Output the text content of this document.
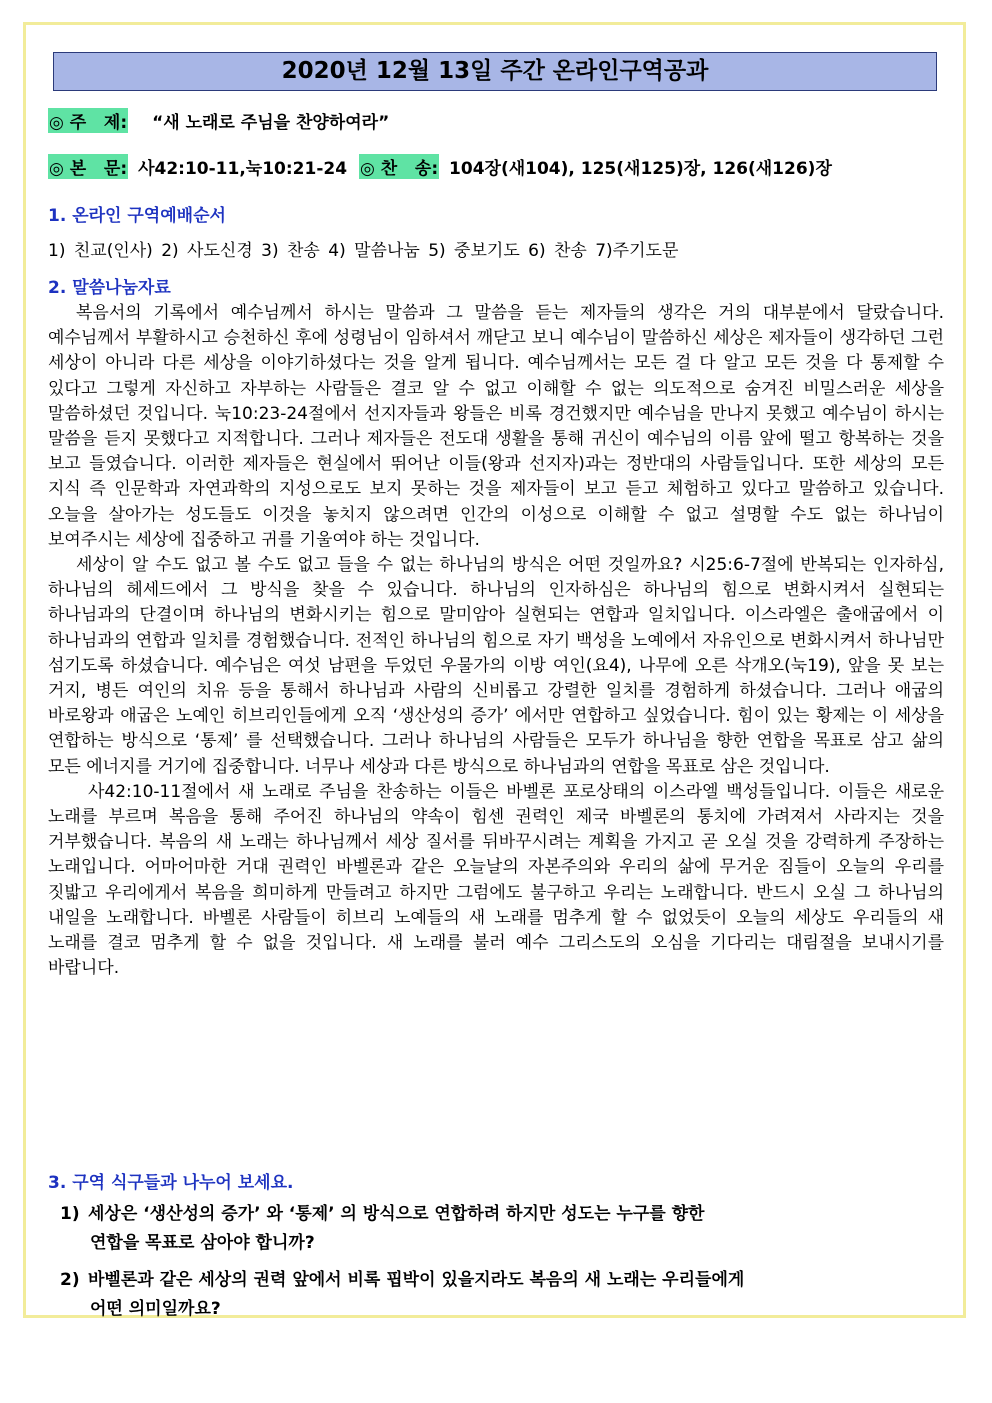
2020년 12월 13일 주간 온라인구역공과
◎ 주   제: “새 노래로 주님을 찬양하여라”
◎ 본   문: 사42:10-11,눅10:21-24 ◎ 찬   송: 104장(새104), 125(새125)장, 126(새126)장
1. 온라인 구역예배순서
1) 친교(인사) 2) 사도신경 3) 찬송 4) 말씀나눔 5) 중보기도 6) 찬송 7)주기도문
2. 말씀나눔자료

복음서의 기록에서 예수님께서 하시는 말씀과 그 말씀을 듣는 제자들의 생각은 거의 대부분에서 달랐습니다. 예수님께서 부활하시고 승천하신 후에 성령님이 임하셔서 깨닫고 보니 예수님이 말씀하신 세상은 제자들이 생각하던 그런 세상이 아니라 다른 세상을 이야기하셨다는 것을 알게 됩니다. 예수님께서는 모든 걸 다 알고 모든 것을 다 통제할 수 있다고 그렇게 자신하고 자부하는 사람들은 결코 알 수 없고 이해할 수 없는 의도적으로 숨겨진 비밀스러운 세상을 말씀하셨던 것입니다. 눅10:23-24절에서 선지자들과 왕들은 비록 경건했지만 예수님을 만나지 못했고 예수님이 하시는 말씀을 듣지 못했다고 지적합니다. 그러나 제자들은 전도대 생활을 통해 귀신이 예수님의 이름 앞에 떨고 항복하는 것을 보고 들였습니다. 이러한 제자들은 현실에서 뛰어난 이들(왕과 선지자)과는 정반대의 사람들입니다. 또한 세상의 모든 지식 즉 인문학과 자연과학의 지성으로도 보지 못하는 것을 제자들이 보고 듣고 체험하고 있다고 말씀하고 있습니다. 오늘을 살아가는 성도들도 이것을 놓치지 않으려면 인간의 이성으로 이해할 수 없고 설명할 수도 없는 하나님이 보여주시는 세상에 집중하고 귀를 기울여야 하는 것입니다.

세상이 알 수도 없고 볼 수도 없고 들을 수 없는 하나님의 방식은 어떤 것일까요? 시25:6-7절에 반복되는 인자하심, 하나님의 헤세드에서 그 방식을 찾을 수 있습니다. 하나님의 인자하심은 하나님의 힘으로 변화시켜서 실현되는 하나님과의 단결이며 하나님의 변화시키는 힘으로 말미암아 실현되는 연합과 일치입니다. 이스라엘은 출애굽에서 이 하나님과의 연합과 일치를 경험했습니다. 전적인 하나님의 힘으로 자기 백성을 노예에서 자유인으로 변화시켜서 하나님만 섬기도록 하셨습니다. 예수님은 여섯 남편을 두었던 우물가의 이방 여인(요4), 나무에 오른 삭개오(눅19), 앞을 못 보는 거지, 병든 여인의 치유 등을 통해서 하나님과 사람의 신비롭고 강렬한 일치를 경험하게 하셨습니다. 그러나 애굽의 바로왕과 애굽은 노예인 히브리인들에게 오직 ‘생산성의 증가’ 에서만 연합하고 싶었습니다. 힘이 있는 황제는 이 세상을 연합하는 방식으로 ‘통제’ 를 선택했습니다. 그러나 하나님의 사람들은 모두가 하나님을 향한 연합을 목표로 삼고 삶의 모든 에너지를 거기에 집중합니다. 너무나 세상과 다른 방식으로 하나님과의 연합을 목표로 삼은 것입니다.

사42:10-11절에서 새 노래로 주님을 찬송하는 이들은 바벨론 포로상태의 이스라엘 백성들입니다. 이들은 새로운 노래를 부르며 복음을 통해 주어진 하나님의 약속이 힘센 권력인 제국 바벨론의 통치에 가려져서 사라지는 것을 거부했습니다. 복음의 새 노래는 하나님께서 세상 질서를 뒤바꾸시려는 계획을 가지고 곧 오실 것을 강력하게 주장하는 노래입니다. 어마어마한 거대 권력인 바벨론과 같은 오늘날의 자본주의와 우리의 삶에 무거운 짐들이 오늘의 우리를 짓밟고 우리에게서 복음을 희미하게 만들려고 하지만 그럼에도 불구하고 우리는 노래합니다. 반드시 오실 그 하나님의 내일을 노래합니다. 바벨론 사람들이 히브리 노예들의 새 노래를 멈추게 할 수 없었듯이 오늘의 세상도 우리들의 새 노래를 결코 멈추게 할 수 없을 것입니다. 새 노래를 불러 예수 그리스도의 오심을 기다리는 대림절을 보내시기를 바랍니다.

3. 구역 식구들과 나누어 보세요.
1) 세상은 ‘생산성의 증가’ 와 ‘통제’ 의 방식으로 연합하려 하지만 성도는 누구를 향한
연합을 목표로 삼아야 합니까?
2) 바벨론과 같은 세상의 권력 앞에서 비록 핍박이 있을지라도 복음의 새 노래는 우리들에게
어떤 의미일까요?
